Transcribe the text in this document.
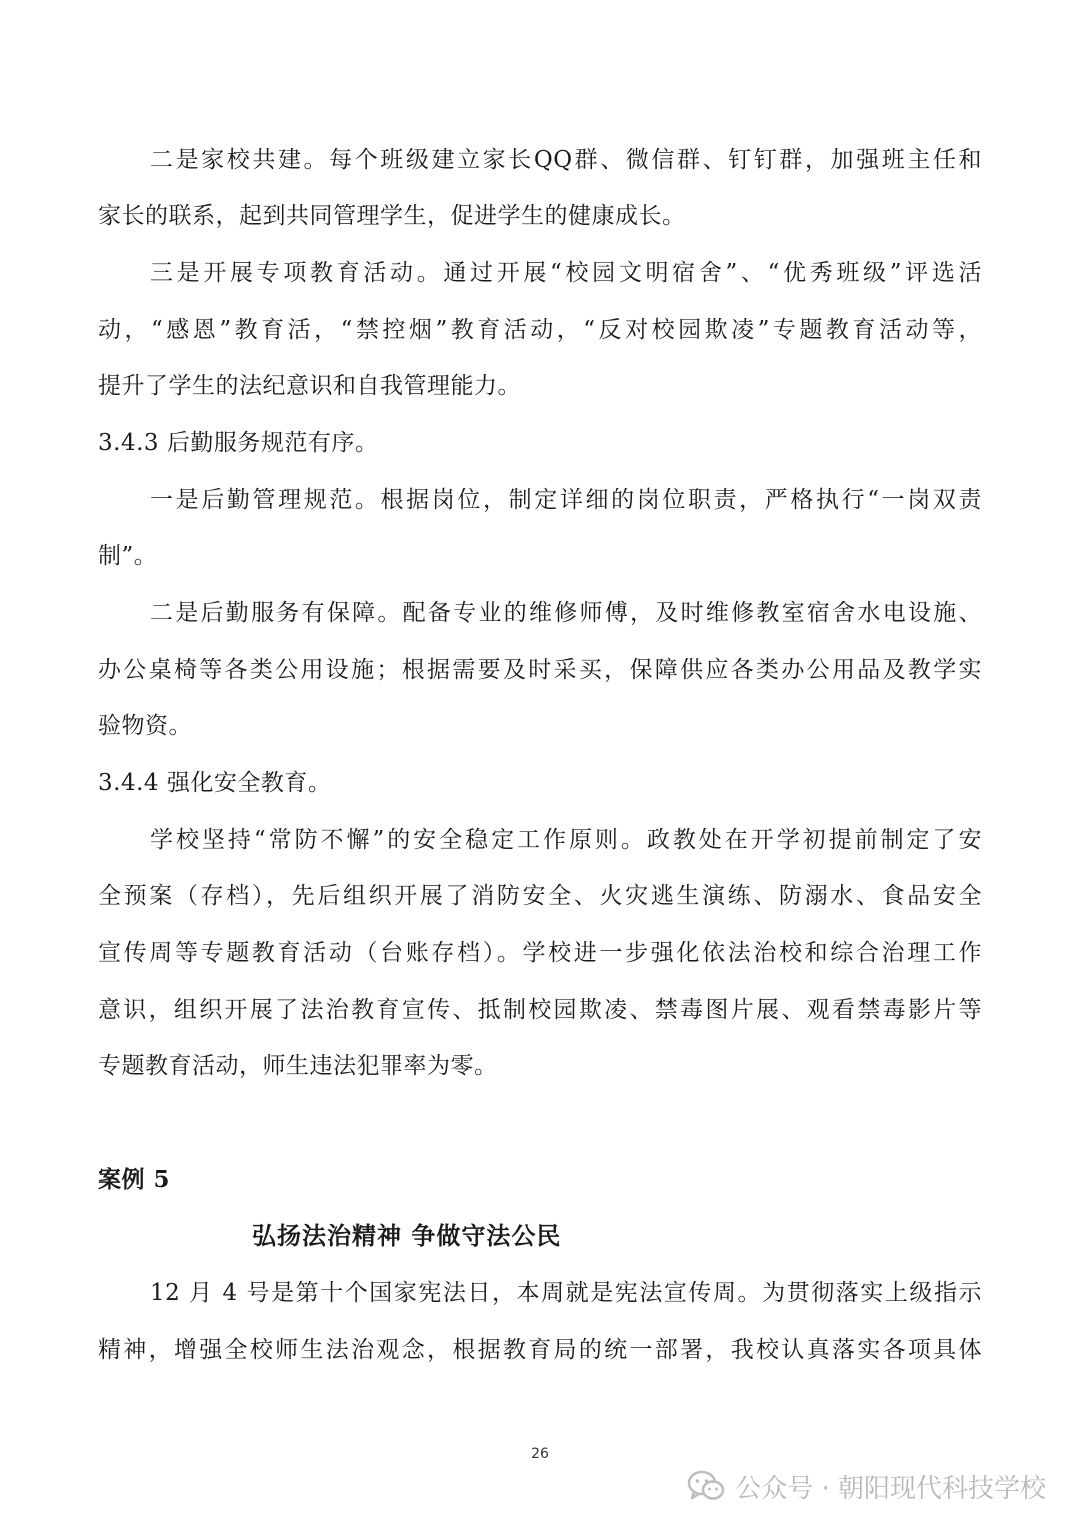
二是家校共建。每个班级建立家长QQ群、微信群、钉钉群，加强班主任和
家长的联系，起到共同管理学生，促进学生的健康成长。
三是开展专项教育活动。通过开展“校园文明宿舍”、“优秀班级”评选活
动，“感恩”教育活，“禁控烟”教育活动，“反对校园欺凌”专题教育活动等，
提升了学生的法纪意识和自我管理能力。
3.4.3 后勤服务规范有序。
一是后勤管理规范。根据岗位，制定详细的岗位职责，严格执行“一岗双责
制”。
二是后勤服务有保障。配备专业的维修师傅，及时维修教室宿舍水电设施、
办公桌椅等各类公用设施；根据需要及时采买，保障供应各类办公用品及教学实
验物资。
3.4.4 强化安全教育。
学校坚持“常防不懈”的安全稳定工作原则。政教处在开学初提前制定了安
全预案（存档），先后组织开展了消防安全、火灾逃生演练、防溺水、食品安全
宣传周等专题教育活动（台账存档）。学校进一步强化依法治校和综合治理工作
意识，组织开展了法治教育宣传、抵制校园欺凌、禁毒图片展、观看禁毒影片等
专题教育活动，师生违法犯罪率为零。
案例 5
弘扬法治精神 争做守法公民
12 月 4 号是第十个国家宪法日，本周就是宪法宣传周。为贯彻落实上级指示
精神，增强全校师生法治观念，根据教育局的统一部署，我校认真落实各项具体
26
公众号 · 朝阳现代科技学校
